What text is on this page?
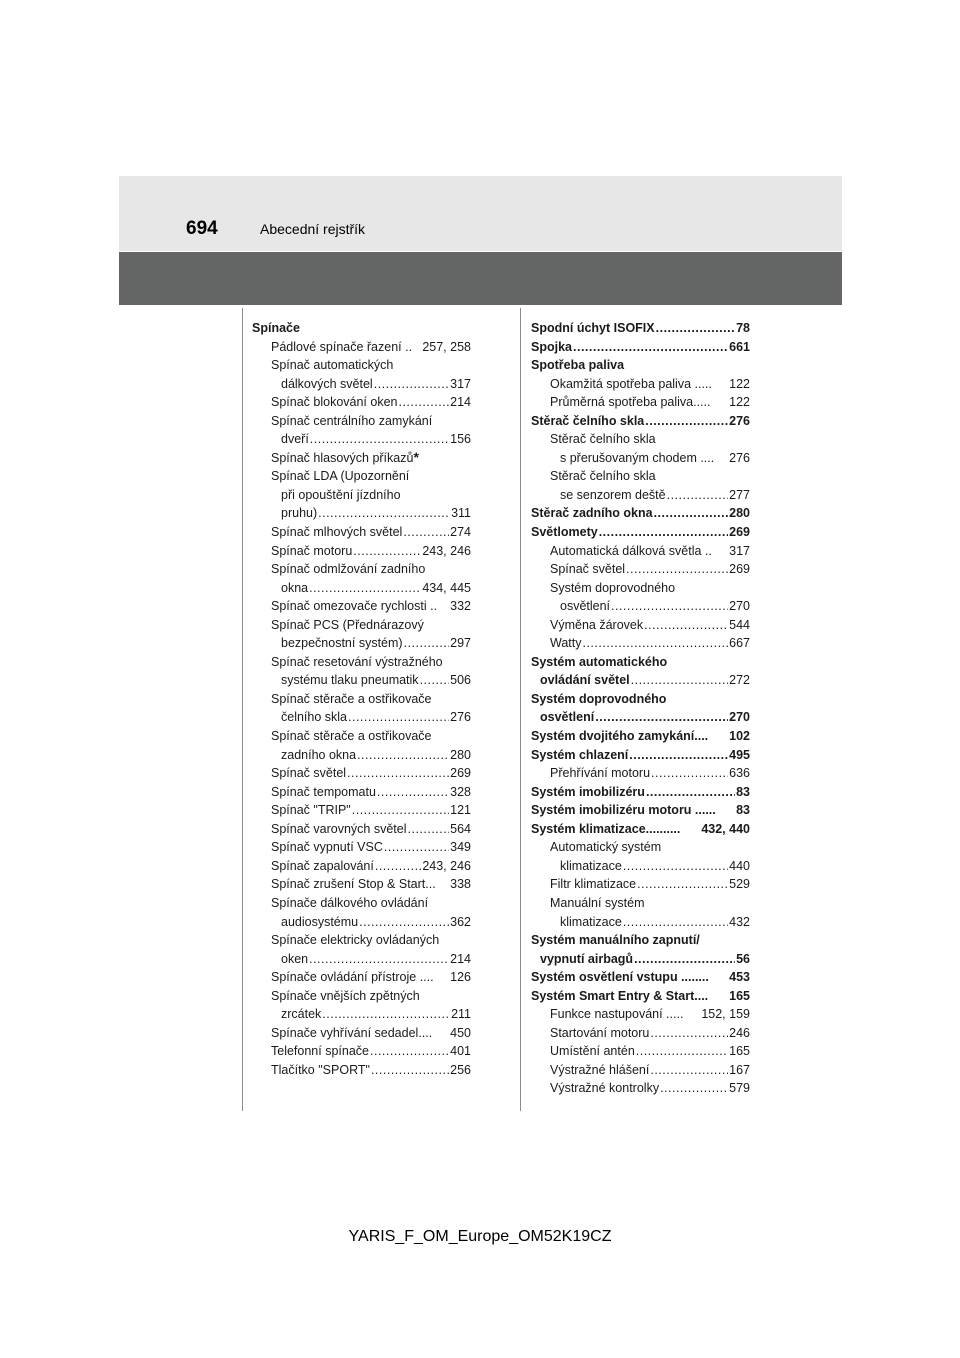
694	Abecední rejstřík
Spínače
Pádlové spínače řazení .. 257, 258
Spínač automatických
dálkových světel .....	317
Spínač blokování oken .....	214
Spínač centrálního zamykání
dveří .....	156
Spínač hlasových příkazů *
Spínač LDA (Upozornění
při opouštění jízdního
pruhu) .....	311
Spínač mlhových světel .....	274
Spínač motoru .....	243, 246
Spínač odmlžování zadního
okna .....	434, 445
Spínač omezovače rychlosti .. 332
Spínač PCS (Přednárazový
bezpečnostní systém) .....	297
Spínač resetování výstražného
systému tlaku pneumatik .....	506
Spínač stěrače a ostřikovače
čelního skla .....	276
Spínač stěrače a ostřikovače
zadního okna .....	280
Spínač světel .....	269
Spínač tempomatu .....	328
Spínač "TRIP" .....	121
Spínač varovných světel .....	564
Spínač vypnutí VSC .....	349
Spínač zapalování .....	243, 246
Spínač zrušení Stop & Start... 338
Spínače dálkového ovládání
audiosystému .....	362
Spínače elektricky ovládaných
oken .....	214
Spínače ovládání přístroje .... 126
Spínače vnějších zpětných
zrcátek .....	211
Spínače vyhřívání sedadel.... 450
Telefonní spínače .....	401
Tlačítko "SPORT" .....	256
Spodní úchyt ISOFIX .....	78
Spojka .....	661
Spotřeba paliva
Okamžitá spotřeba paliva ..... 122
Průměrná spotřeba paliva..... 122
Stěrač čelního skla .....	276
Stěrač čelního skla
s přerušovaným chodem .... 276
Stěrač čelního skla
se senzorem deště .....	277
Stěrač zadního okna .....	280
Světlomety .....	269
Automatická dálková světla .. 317
Spínač světel .....	269
Systém doprovodného
osvětlení .....	270
Výměna žárovek .....	544
Watty .....	667
Systém automatického
ovládání světel .....	272
Systém doprovodného
osvětlení .....	270
Systém dvojitého zamykání.... 102
Systém chlazení .....	495
Přehřívání motoru .....	636
Systém imobilizéru .....	83
Systém imobilizéru motoru ...... 83
Systém klimatizace.......... 432, 440
Automatický systém
klimatizace .....	440
Filtr klimatizace .....	529
Manuální systém
klimatizace .....	432
Systém manuálního zapnutí/
vypnutí airbagů .....	56
Systém osvětlení vstupu ........ 453
Systém Smart Entry & Start.... 165
Funkce nastupování ..... 152, 159
Startování motoru .....	246
Umístění antén .....	165
Výstražné hlášení .....	167
Výstražné kontrolky .....	579
YARIS_F_OM_Europe_OM52K19CZ
